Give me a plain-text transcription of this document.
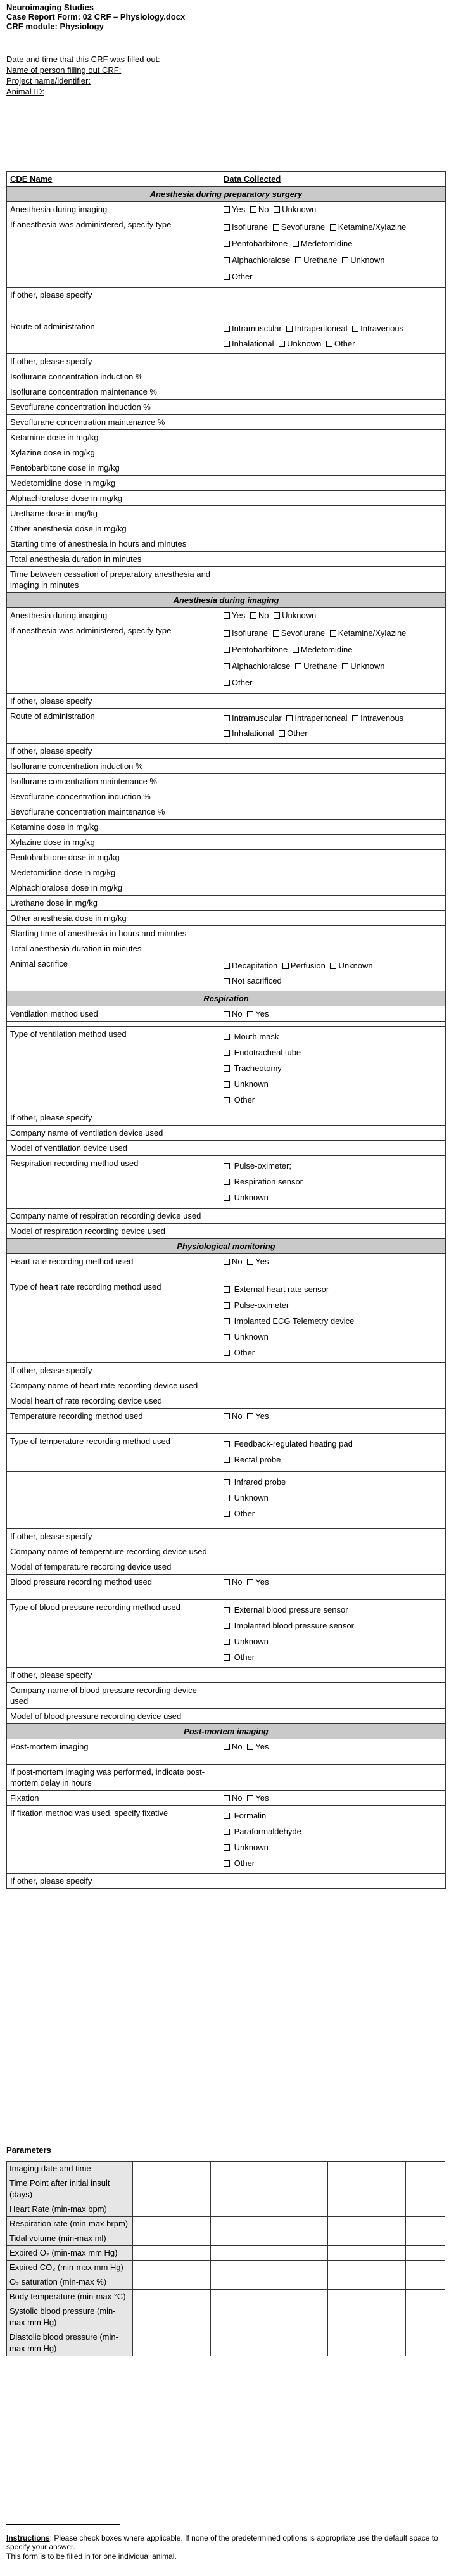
Neuroimaging Studies

Case Report Form: 02 CRF – Physiology.docx

CRF module: Physiology

Date and time that this CRF was filled out:

Name of person filling out CRF:

Project name/identifier:

Animal ID:

CDE Name	Data Collected
Anesthesia during preparatory surgery	
Anesthesia during imaging	Yes No Unknown
If anesthesia was administered, specify type	Isoflurane Sevoflurane Ketamine/Xylazine
Pentobarbitone Medetomidine
Alphachloralose Urethane Unknown
Other

If other, please specify	
Route of administration	Intramuscular Intraperitoneal Intravenous
Inhalational Unknown Other

If other, please specify	
Isoflurane concentration induction %	
Isoflurane concentration maintenance %	
Sevoflurane concentration induction %	
Sevoflurane concentration maintenance %	
Ketamine dose in mg/kg	
Xylazine dose in mg/kg	
Pentobarbitone dose in mg/kg	
Medetomidine dose in mg/kg	
Alphachloralose dose in mg/kg	
Urethane dose in mg/kg	
Other anesthesia dose in mg/kg	
Starting time of anesthesia in hours and minutes	
Total anesthesia duration in minutes	
Time between cessation of preparatory anesthesia and imaging in minutes	
Anesthesia during imaging	
Anesthesia during imaging	Yes No Unknown
If anesthesia was administered, specify type	Isoflurane Sevoflurane Ketamine/Xylazine
Pentobarbitone Medetomidine
Alphachloralose Urethane Unknown
Other

If other, please specify	
Route of administration	Intramuscular Intraperitoneal Intravenous
Inhalational Other

If other, please specify	
Isoflurane concentration induction %	
Isoflurane concentration maintenance %	
Sevoflurane concentration induction %	
Sevoflurane concentration maintenance %	
Ketamine dose in mg/kg	
Xylazine dose in mg/kg	
Pentobarbitone dose in mg/kg	
Medetomidine dose in mg/kg	
Alphachloralose dose in mg/kg	
Urethane dose in mg/kg	
Other anesthesia dose in mg/kg	
Starting time of anesthesia in hours and minutes	
Total anesthesia duration in minutes	
Animal sacrifice	Decapitation Perfusion Unknown
Not sacrificed

Respiration	
Ventilation method used	No Yes

Type of ventilation method used	Mouth mask
Endotracheal tube
Tracheotomy
Unknown
Other

If other, please specify	
Company name of ventilation device used	
Model of ventilation device used	
Respiration recording method used	Pulse-oximeter;
Respiration sensor
Unknown

Company name of respiration recording device used	
Model of respiration recording device used	
Physiological monitoring	
Heart rate recording method used	No Yes
Type of heart rate recording method used	External heart rate sensor
Pulse-oximeter
Implanted ECG Telemetry device
Unknown
Other

If other, please specify	
Company name of heart rate recording device used	
Model heart of rate recording device used	
Temperature recording method used	No Yes
Type of temperature recording method used	Feedback-regulated heating pad
Rectal probe

	Infrared probe
Unknown
Other

If other, please specify	
Company name of temperature recording device used	
Model of temperature recording device used	
Blood pressure recording method used	No Yes
Type of blood pressure recording method used	External blood pressure sensor
Implanted blood pressure sensor
Unknown
Other

If other, please specify	
Company name of blood pressure recording device used	
Model of blood pressure recording device used	
Post-mortem imaging	
Post-mortem imaging	No Yes
If post-mortem imaging was performed, indicate post-mortem delay in hours	
Fixation	No Yes
If fixation method was used, specify fixative	Formalin
Paraformaldehyde
Unknown
Other

If other, please specify	

Parameters

Imaging date and time								
Time Point after initial insult (days)								
Heart Rate (min-max bpm)								
Respiration rate (min-max brpm)								
Tidal volume (min-max ml)								
Expired O₂ (min-max mm Hg)								
Expired CO₂ (min-max mm Hg)								
O₂ saturation (min-max %)								
Body temperature (min-max °C)								
Systolic blood pressure (min-max mm Hg)								
Diastolic blood pressure (min-max mm Hg)								

Instructions: Please check boxes where applicable. If none of the predetermined options is appropriate use the default space to specify your answer.

This form is to be filled in for one individual animal.
